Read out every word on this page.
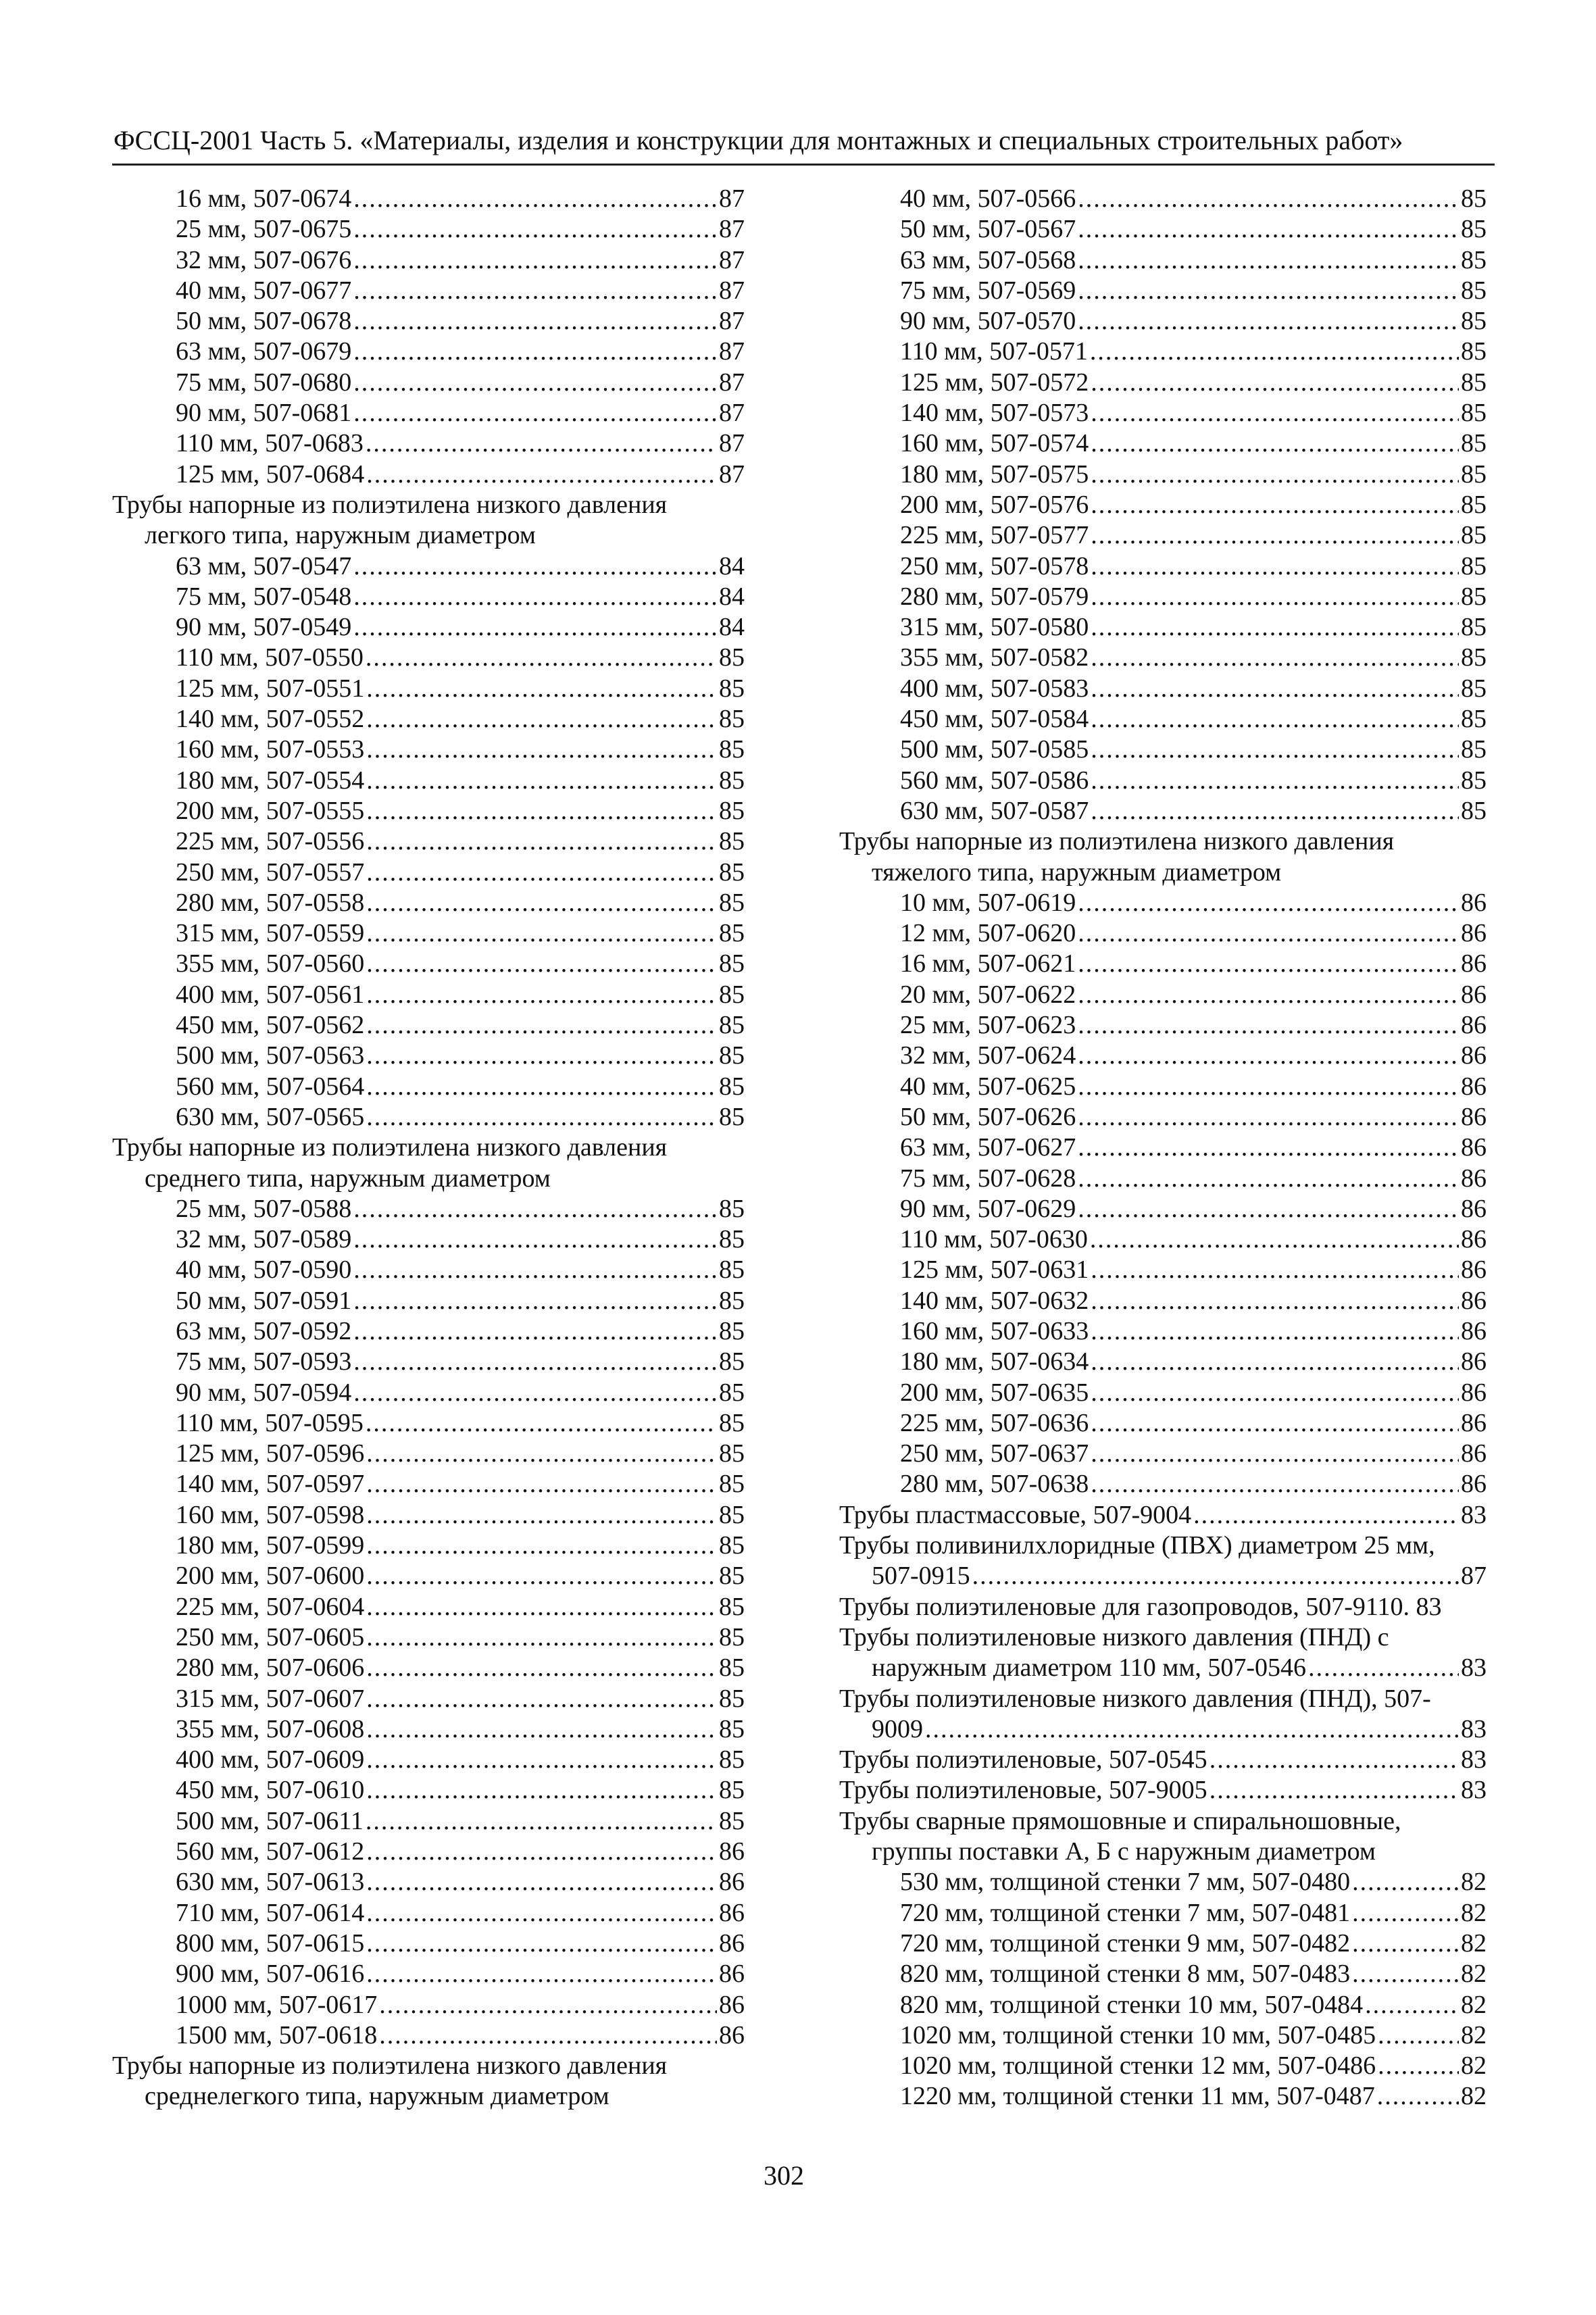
ФССЦ-2001 Часть 5. «Материалы, изделия и конструкции для монтажных и специальных строительных работ»
16 мм, 507-0674 .....	87
25 мм, 507-0675 .....	87
32 мм, 507-0676 .....	87
40 мм, 507-0677 .....	87
50 мм, 507-0678 .....	87
63 мм, 507-0679 .....	87
75 мм, 507-0680 .....	87
90 мм, 507-0681 .....	87
110 мм, 507-0683 .....	87
125 мм, 507-0684 .....	87
Трубы напорные из полиэтилена низкого давления
легкого типа, наружным диаметром
63 мм, 507-0547 .....	84
75 мм, 507-0548 .....	84
90 мм, 507-0549 .....	84
110 мм, 507-0550 .....	85
125 мм, 507-0551 .....	85
140 мм, 507-0552 .....	85
160 мм, 507-0553 .....	85
180 мм, 507-0554 .....	85
200 мм, 507-0555 .....	85
225 мм, 507-0556 .....	85
250 мм, 507-0557 .....	85
280 мм, 507-0558 .....	85
315 мм, 507-0559 .....	85
355 мм, 507-0560 .....	85
400 мм, 507-0561 .....	85
450 мм, 507-0562 .....	85
500 мм, 507-0563 .....	85
560 мм, 507-0564 .....	85
630 мм, 507-0565 .....	85
Трубы напорные из полиэтилена низкого давления
среднего типа, наружным диаметром
25 мм, 507-0588 .....	85
32 мм, 507-0589 .....	85
40 мм, 507-0590 .....	85
50 мм, 507-0591 .....	85
63 мм, 507-0592 .....	85
75 мм, 507-0593 .....	85
90 мм, 507-0594 .....	85
110 мм, 507-0595 .....	85
125 мм, 507-0596 .....	85
140 мм, 507-0597 .....	85
160 мм, 507-0598 .....	85
180 мм, 507-0599 .....	85
200 мм, 507-0600 .....	85
225 мм, 507-0604 .....	85
250 мм, 507-0605 .....	85
280 мм, 507-0606 .....	85
315 мм, 507-0607 .....	85
355 мм, 507-0608 .....	85
400 мм, 507-0609 .....	85
450 мм, 507-0610 .....	85
500 мм, 507-0611 .....	85
560 мм, 507-0612 .....	86
630 мм, 507-0613 .....	86
710 мм, 507-0614 .....	86
800 мм, 507-0615 .....	86
900 мм, 507-0616 .....	86
1000 мм, 507-0617 .....	86
1500 мм, 507-0618 .....	86
Трубы напорные из полиэтилена низкого давления
среднелегкого типа, наружным диаметром
40 мм, 507-0566 .....	85
50 мм, 507-0567 .....	85
63 мм, 507-0568 .....	85
75 мм, 507-0569 .....	85
90 мм, 507-0570 .....	85
110 мм, 507-0571 .....	85
125 мм, 507-0572 .....	85
140 мм, 507-0573 .....	85
160 мм, 507-0574 .....	85
180 мм, 507-0575 .....	85
200 мм, 507-0576 .....	85
225 мм, 507-0577 .....	85
250 мм, 507-0578 .....	85
280 мм, 507-0579 .....	85
315 мм, 507-0580 .....	85
355 мм, 507-0582 .....	85
400 мм, 507-0583 .....	85
450 мм, 507-0584 .....	85
500 мм, 507-0585 .....	85
560 мм, 507-0586 .....	85
630 мм, 507-0587 .....	85
Трубы напорные из полиэтилена низкого давления
тяжелого типа, наружным диаметром
10 мм, 507-0619 .....	86
12 мм, 507-0620 .....	86
16 мм, 507-0621 .....	86
20 мм, 507-0622 .....	86
25 мм, 507-0623 .....	86
32 мм, 507-0624 .....	86
40 мм, 507-0625 .....	86
50 мм, 507-0626 .....	86
63 мм, 507-0627 .....	86
75 мм, 507-0628 .....	86
90 мм, 507-0629 .....	86
110 мм, 507-0630 .....	86
125 мм, 507-0631 .....	86
140 мм, 507-0632 .....	86
160 мм, 507-0633 .....	86
180 мм, 507-0634 .....	86
200 мм, 507-0635 .....	86
225 мм, 507-0636 .....	86
250 мм, 507-0637 .....	86
280 мм, 507-0638 .....	86
Трубы пластмассовые, 507-9004 .....	83
Трубы поливинилхлоридные (ПВХ) диаметром 25 мм,
507-0915 .....	87
Трубы полиэтиленовые для газопроводов, 507-9110. 83
Трубы полиэтиленовые низкого давления (ПНД) с
наружным диаметром 110 мм, 507-0546 .....	83
Трубы полиэтиленовые низкого давления (ПНД), 507-
9009 .....	83
Трубы полиэтиленовые, 507-0545 .....	83
Трубы полиэтиленовые, 507-9005 .....	83
Трубы сварные прямошовные и спиральношовные,
группы поставки А, Б с наружным диаметром
530 мм, толщиной стенки 7 мм, 507-0480 .....	82
720 мм, толщиной стенки 7 мм, 507-0481 .....	82
720 мм, толщиной стенки 9 мм, 507-0482 .....	82
820 мм, толщиной стенки 8 мм, 507-0483 .....	82
820 мм, толщиной стенки 10 мм, 507-0484 .....	82
1020 мм, толщиной стенки 10 мм, 507-0485 .....	82
1020 мм, толщиной стенки 12 мм, 507-0486 .....	82
1220 мм, толщиной стенки 11 мм, 507-0487 .....	82
302
